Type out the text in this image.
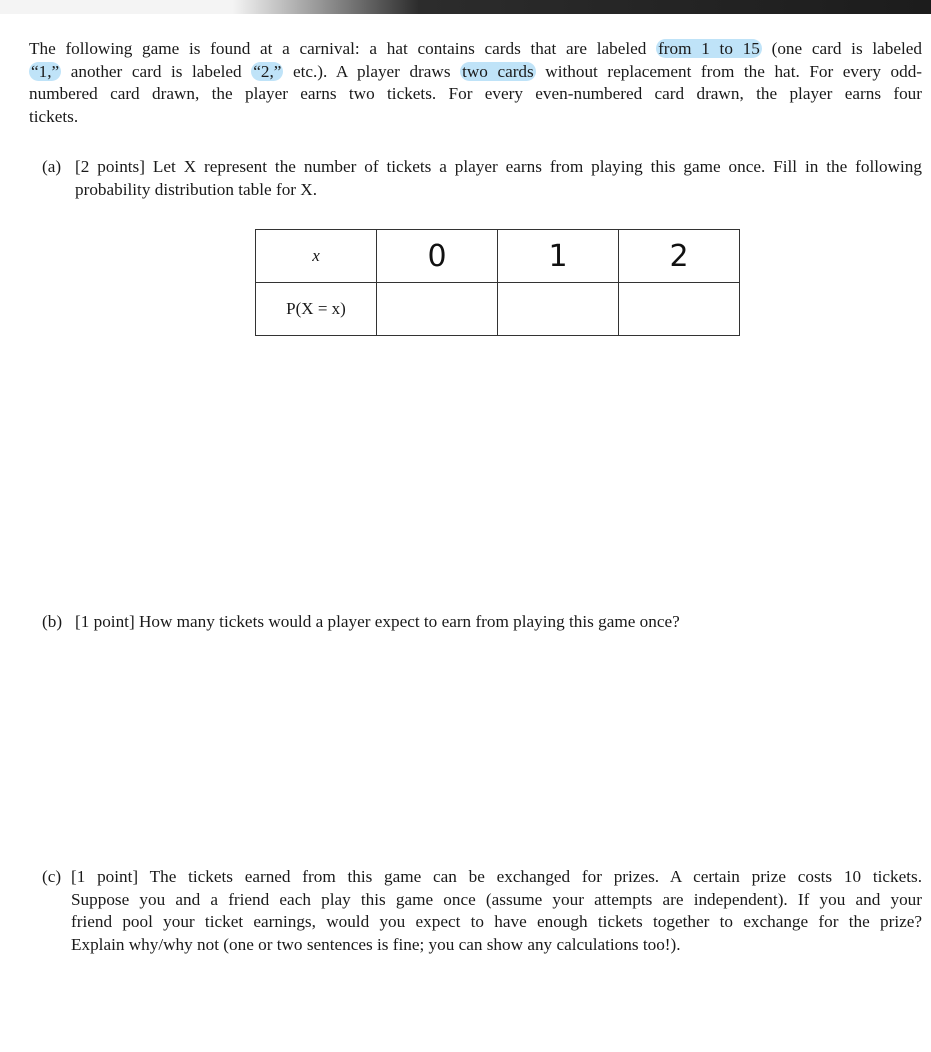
The following game is found at a carnival: a hat contains cards that are labeled from 1 to 15 (one card is labeled
“1,” another card is labeled “2,” etc.). A player draws two cards without replacement from the hat. For every odd-
numbered card drawn, the player earns two tickets. For every even-numbered card drawn, the player earns four
tickets.

(a) [2 points] Let X represent the number of tickets a player earns from playing this game once. Fill in the following
probability distribution table for X.

x	0	1	2
P(X = x)			

(b) [1 point] How many tickets would a player expect to earn from playing this game once?

(c) [1 point] The tickets earned from this game can be exchanged for prizes. A certain prize costs 10 tickets.
Suppose you and a friend each play this game once (assume your attempts are independent). If you and your
friend pool your ticket earnings, would you expect to have enough tickets together to exchange for the prize?
Explain why/why not (one or two sentences is fine; you can show any calculations too!).
